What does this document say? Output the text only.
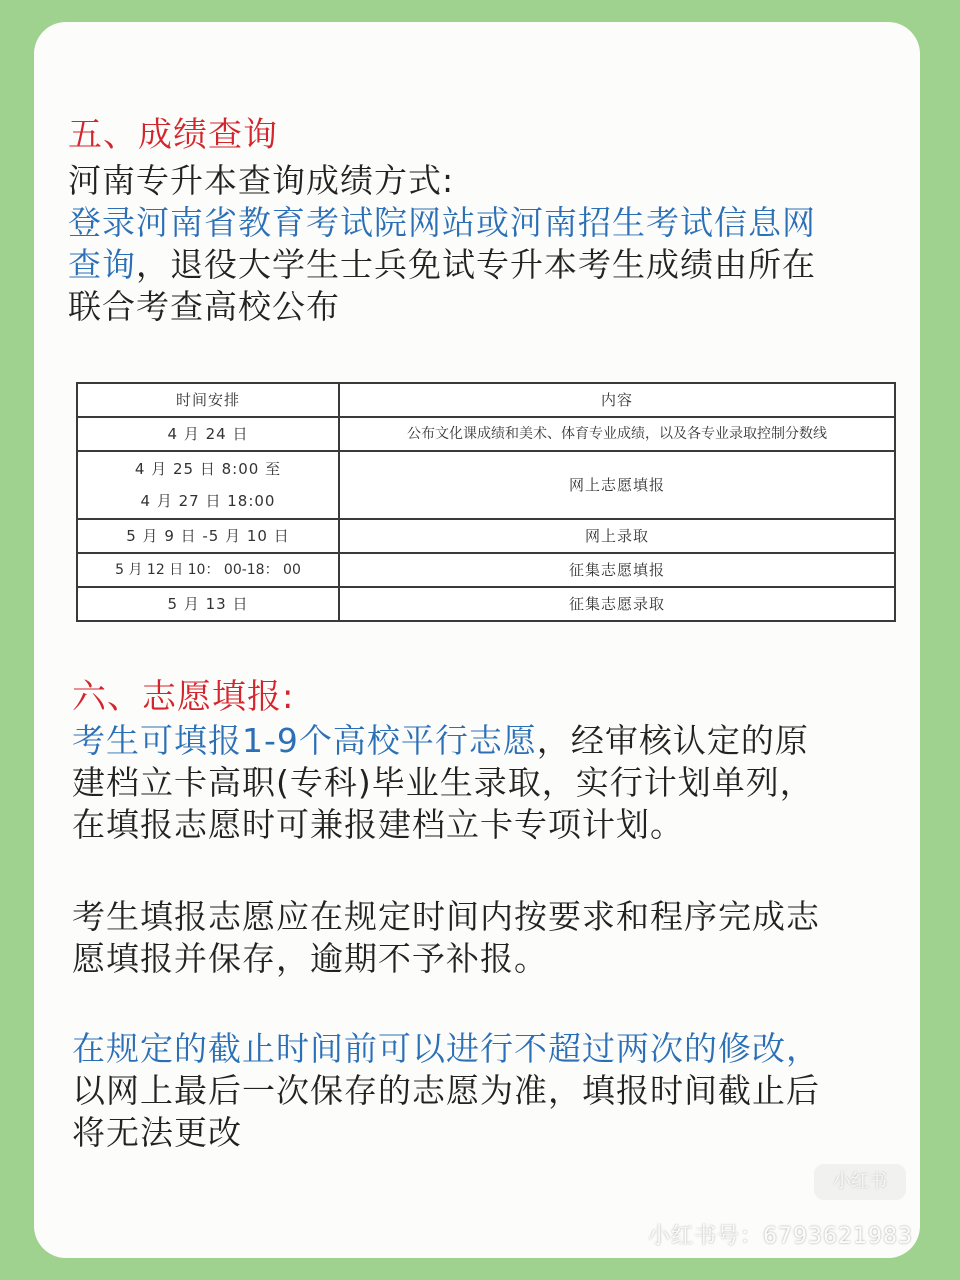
五、成绩查询
河南专升本查询成绩方式:
登录河南省教育考试院网站或河南招生考试信息网
查询，退役大学生士兵免试专升本考生成绩由所在
联合考查高校公布
时间安排	内容
4 月 24 日	公布文化课成绩和美术、体育专业成绩，以及各专业录取控制分数线

4 月 25 日 8:00 至
4 月 27 日 18:00	网上志愿填报
5 月 9 日 -5 月 10 日	网上录取
5 月 12 日 10： 00-18： 00	征集志愿填报
5 月 13 日	征集志愿录取
六、志愿填报:
考生可填报1-9个高校平行志愿，经审核认定的原
建档立卡高职(专科)毕业生录取，实行计划单列，
在填报志愿时可兼报建档立卡专项计划。
考生填报志愿应在规定时间内按要求和程序完成志
愿填报并保存，逾期不予补报。
在规定的截止时间前可以进行不超过两次的修改，
以网上最后一次保存的志愿为准，填报时间截止后
将无法更改
小红书
小红书号：6793621983
